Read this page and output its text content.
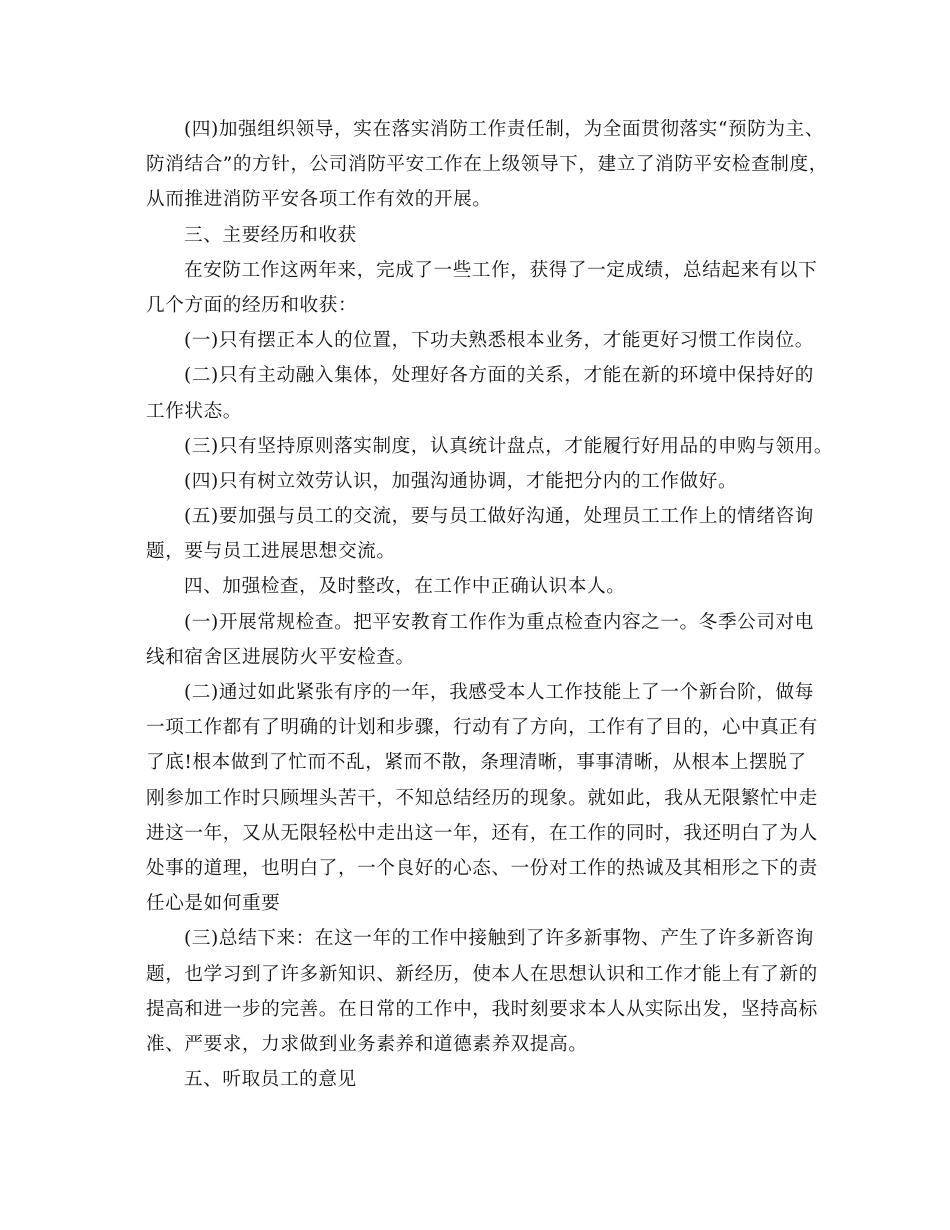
(四)加强组织领导，实在落实消防工作责任制，为全面贯彻落实“预防为主、
防消结合”的方针，公司消防平安工作在上级领导下，建立了消防平安检查制度，
从而推进消防平安各项工作有效的开展。
三、主要经历和收获
在安防工作这两年来，完成了一些工作，获得了一定成绩，总结起来有以下
几个方面的经历和收获：
(一)只有摆正本人的位置，下功夫熟悉根本业务，才能更好习惯工作岗位。
(二)只有主动融入集体，处理好各方面的关系，才能在新的环境中保持好的
工作状态。
(三)只有坚持原则落实制度，认真统计盘点，才能履行好用品的申购与领用。
(四)只有树立效劳认识，加强沟通协调，才能把分内的工作做好。
(五)要加强与员工的交流，要与员工做好沟通，处理员工工作上的情绪咨询
题，要与员工进展思想交流。
四、加强检查，及时整改，在工作中正确认识本人。
(一)开展常规检查。把平安教育工作作为重点检查内容之一。冬季公司对电
线和宿舍区进展防火平安检查。
(二)通过如此紧张有序的一年，我感受本人工作技能上了一个新台阶，做每
一项工作都有了明确的计划和步骤，行动有了方向，工作有了目的，心中真正有
了底!根本做到了忙而不乱，紧而不散，条理清晰，事事清晰，从根本上摆脱了
刚参加工作时只顾埋头苦干，不知总结经历的现象。就如此，我从无限繁忙中走
进这一年，又从无限轻松中走出这一年，还有，在工作的同时，我还明白了为人
处事的道理，也明白了，一个良好的心态、一份对工作的热诚及其相形之下的责
任心是如何重要
(三)总结下来：在这一年的工作中接触到了许多新事物、产生了许多新咨询
题，也学习到了许多新知识、新经历，使本人在思想认识和工作才能上有了新的
提高和进一步的完善。在日常的工作中，我时刻要求本人从实际出发，坚持高标
准、严要求，力求做到业务素养和道德素养双提高。
五、听取员工的意见
